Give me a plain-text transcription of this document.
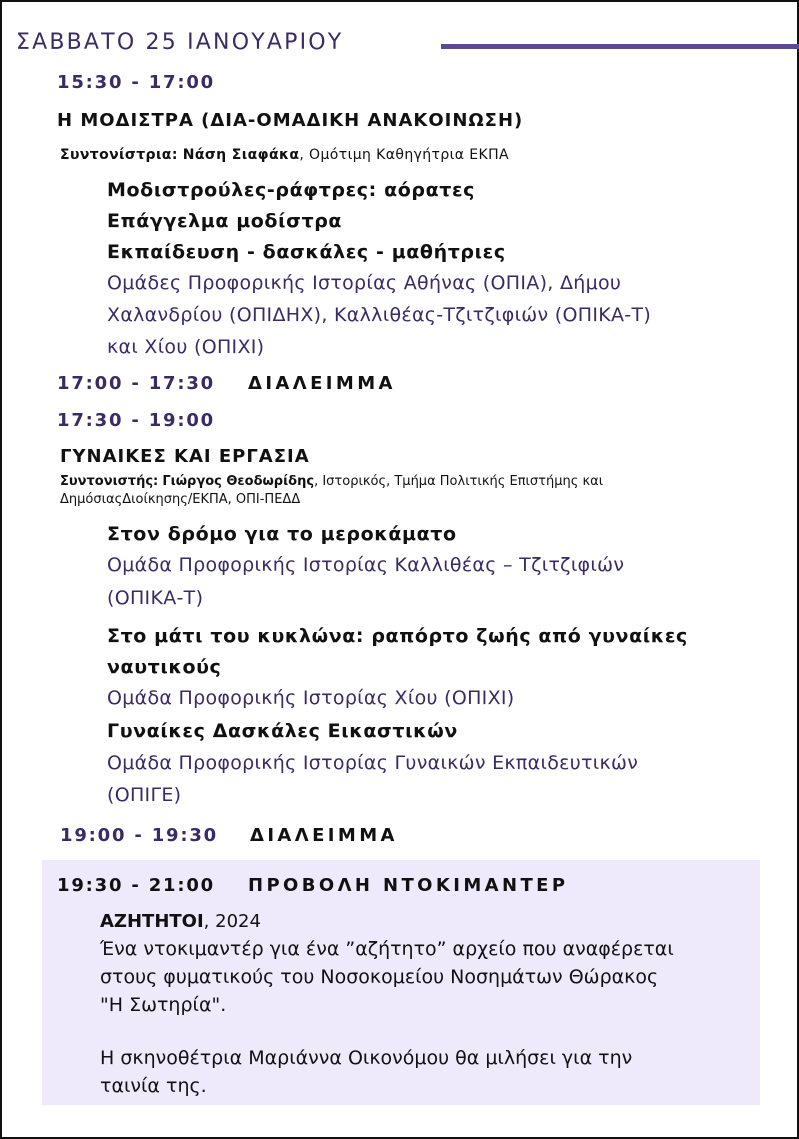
ΣΑΒΒΑΤΟ 25 ΙΑΝΟΥΑΡΙΟΥ
15:30 - 17:00
Η ΜΟΔΙΣΤΡΑ (ΔΙΑ-ΟΜΑΔΙΚΗ ΑΝΑΚΟΙΝΩΣΗ)
Συντονίστρια: Νάση Σιαφάκα, Ομότιμη Καθηγήτρια ΕΚΠΑ
Μοδιστρούλες-ράφτρες: αόρατες
Επάγγελμα μοδίστρα
Εκπαίδευση - δασκάλες - μαθήτριες
Ομάδες Προφορικής Ιστορίας Αθήνας (ΟΠΙΑ), Δήμου
Χαλανδρίου (ΟΠΙΔΗΧ), Καλλιθέας-Τζιτζιφιών (ΟΠΙΚΑ-Τ)
και Χίου (ΟΠΙΧΙ)
17:00 - 17:30 ΔΙΑΛΕΙΜΜΑ
17:30 - 19:00
ΓΥΝΑΙΚΕΣ ΚΑΙ ΕΡΓΑΣΙΑ
Συντονιστής: Γιώργος Θεοδωρίδης, Ιστορικός, Τμήμα Πολιτικής Επιστήμης και
ΔημόσιαςΔιοίκησης/ΕΚΠΑ, ΟΠΙ-ΠΕΔΔ
Στον δρόμο για το μεροκάματο
Ομάδα Προφορικής Ιστορίας Καλλιθέας – Τζιτζιφιών
(ΟΠΙΚΑ-Τ)
Στο μάτι του κυκλώνα: ραπόρτο ζωής από γυναίκες
ναυτικούς
Ομάδα Προφορικής Ιστορίας Χίου (ΟΠΙΧΙ)
Γυναίκες Δασκάλες Εικαστικών
Ομάδα Προφορικής Ιστορίας Γυναικών Εκπαιδευτικών
(ΟΠΙΓΕ)
19:00 - 19:30 ΔΙΑΛΕΙΜΜΑ
19:30 - 21:00 ΠΡΟΒΟΛΗ ΝΤΟΚΙΜΑΝΤΕΡ
ΑΖΗΤΗΤΟΙ, 2024
Ένα ντοκιμαντέρ για ένα ”αζήτητο” αρχείο που αναφέρεται
στους φυματικούς του Νοσοκομείου Νοσημάτων Θώρακος
"Η Σωτηρία".
Η σκηνοθέτρια Μαριάννα Οικονόμου θα μιλήσει για την
ταινία της.
